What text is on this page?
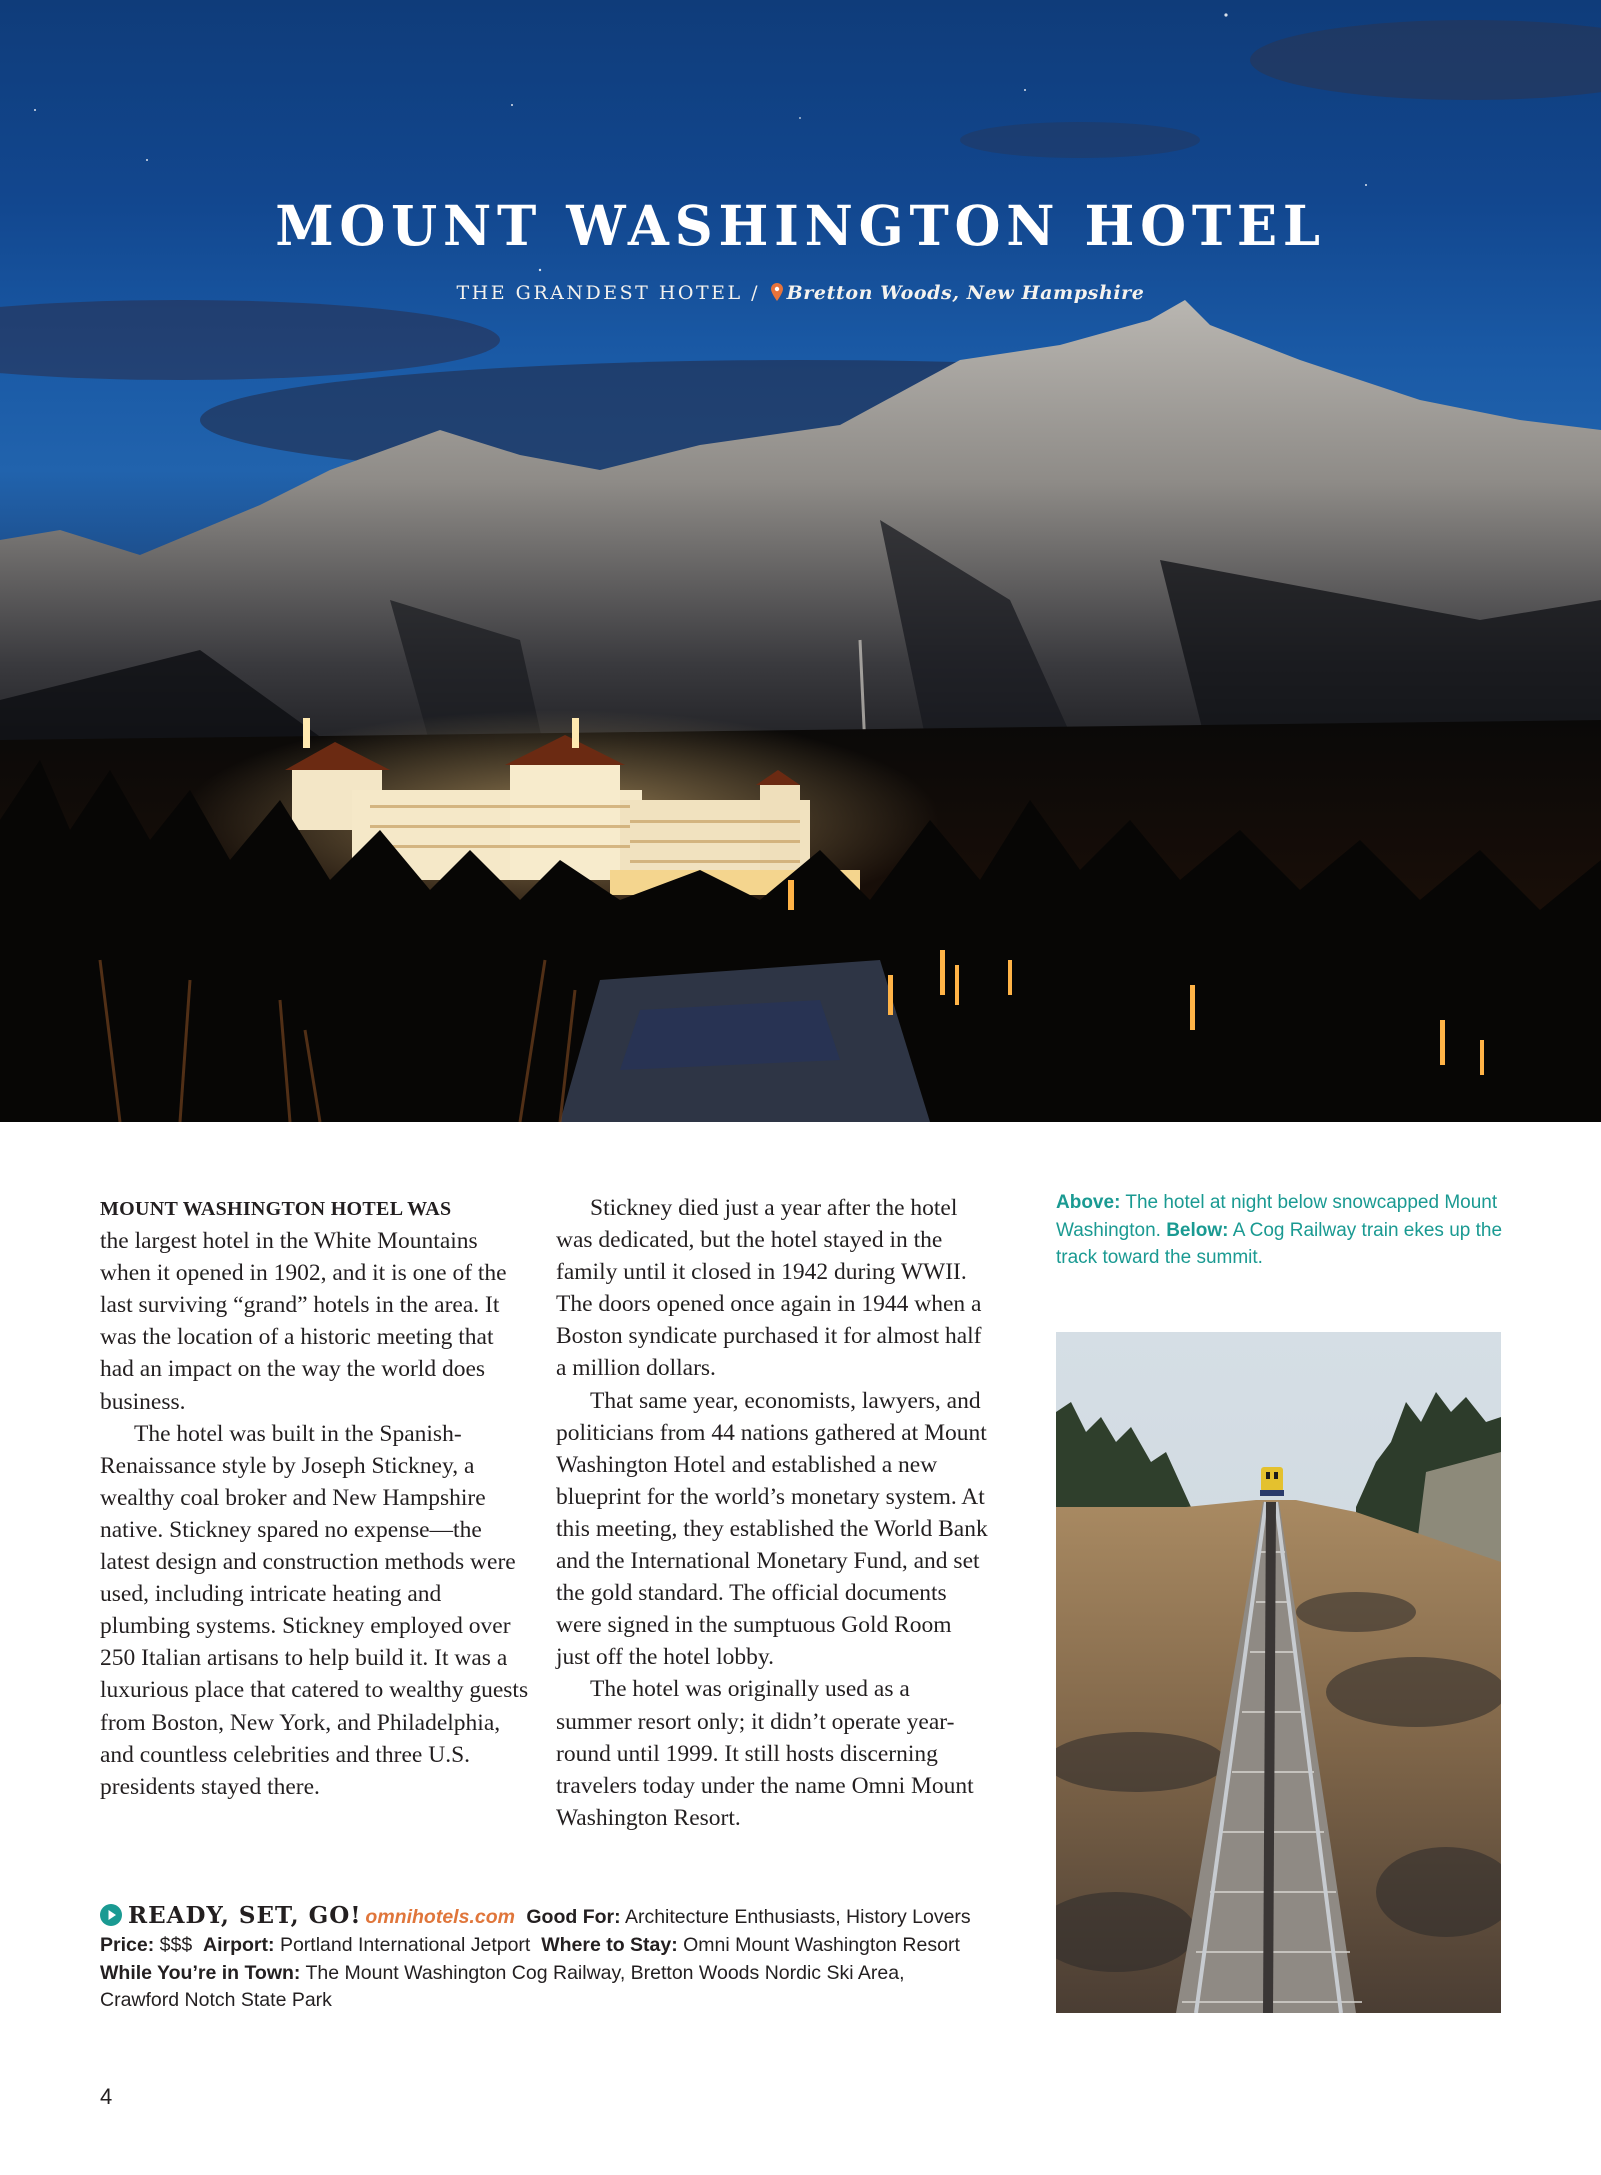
MOUNT WASHINGTON HOTEL
THE GRANDEST HOTEL / Bretton Woods, New Hampshire

MOUNT WASHINGTON HOTEL WAS
the largest hotel in the White Mountains when it opened in 1902, and it is one of the last surviving “grand” hotels in the area. It was the location of a historic meeting that had an impact on the way the world does business.

The hotel was built in the Spanish-Renaissance style by Joseph Stickney, a wealthy coal broker and New Hampshire native. Stickney spared no expense—the latest design and construction methods were used, including intricate heating and plumbing systems. Stickney employed over 250 Italian artisans to help build it. It was a luxurious place that catered to wealthy guests from Boston, New York, and Philadelphia, and countless celebrities and three U.S. presidents stayed there.

Stickney died just a year after the hotel was dedicated, but the hotel stayed in the family until it closed in 1942 during WWII. The doors opened once again in 1944 when a Boston syndicate purchased it for almost half a million dollars.

That same year, economists, lawyers, and politicians from 44 nations gathered at Mount Washington Hotel and established a new blueprint for the world’s monetary system. At this meeting, they established the World Bank and the International Monetary Fund, and set the gold standard. The official documents were signed in the sumptuous Gold Room just off the hotel lobby.

The hotel was originally used as a summer resort only; it didn’t operate year-round until 1999. It still hosts discerning travelers today under the name Omni Mount Washington Resort.

Above: The hotel at night below snowcapped Mount Washington. Below: A Cog Railway train ekes up the track toward the summit.
READY, SET, GO! omnihotels.com Good For: Architecture Enthusiasts, History Lovers  Price: $$$ Airport: Portland International Jetport Where to Stay: Omni Mount Washington Resort  While You’re in Town: The Mount Washington Cog Railway, Bretton Woods Nordic Ski Area, Crawford Notch State Park
4
